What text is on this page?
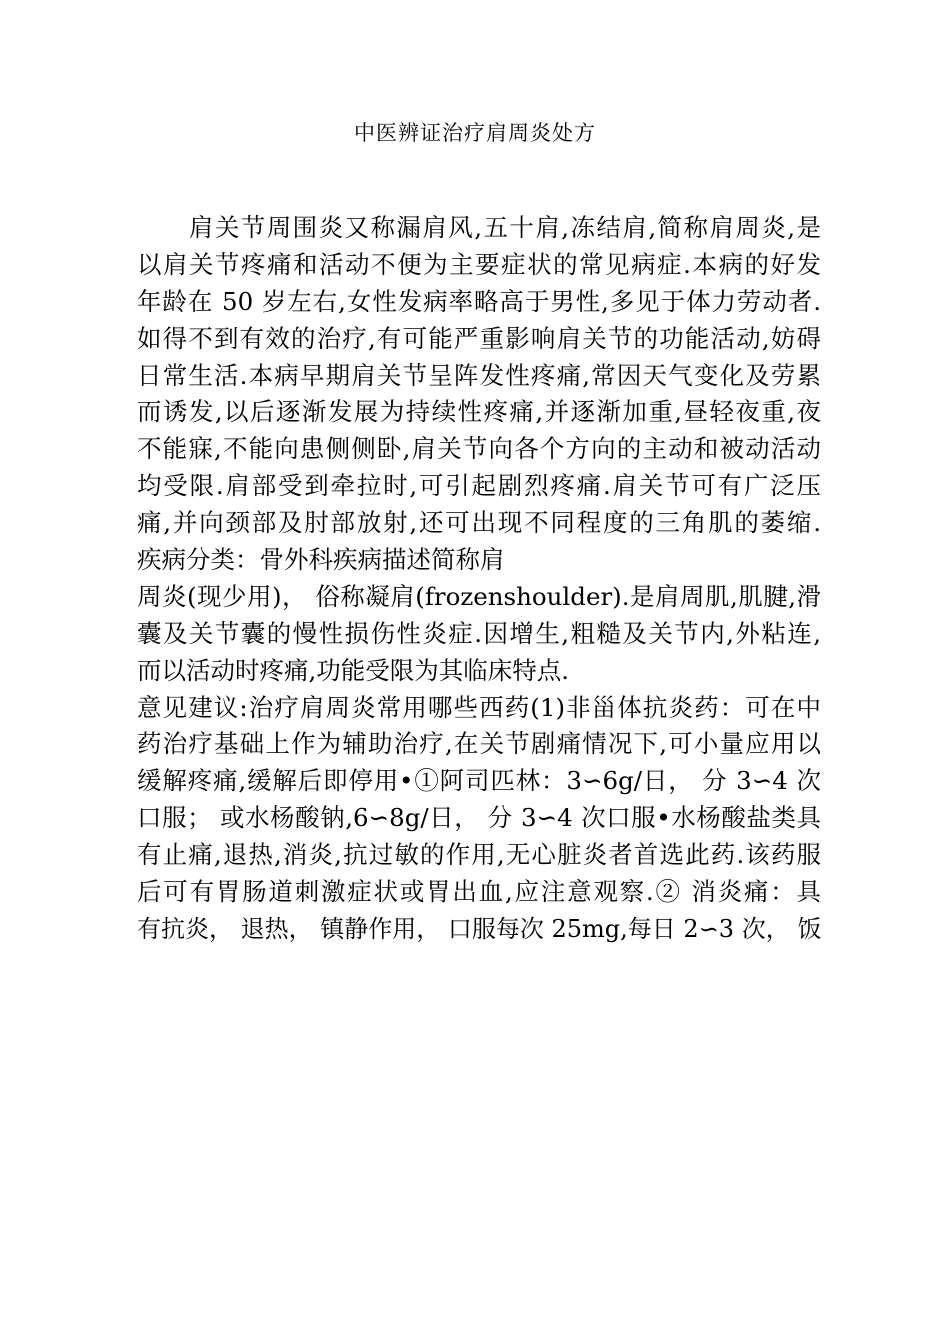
中医辨证治疗肩周炎处方
　　肩关节周围炎又称漏肩风,五十肩,冻结肩,简称肩周炎,是
以肩关节疼痛和活动不便为主要症状的常见病症.本病的好发
年龄在 50 岁左右,女性发病率略高于男性,多见于体力劳动者.
如得不到有效的治疗,有可能严重影响肩关节的功能活动,妨碍
日常生活.本病早期肩关节呈阵发性疼痛,常因天气变化及劳累
而诱发,以后逐渐发展为持续性疼痛,并逐渐加重,昼轻夜重,夜
不能寐,不能向患侧侧卧,肩关节向各个方向的主动和被动活动
均受限.肩部受到牵拉时,可引起剧烈疼痛.肩关节可有广泛压
痛,并向颈部及肘部放射,还可出现不同程度的三角肌的萎缩.
疾病分类：骨外科疾病描述简称肩
周炎(现少用)， 俗称凝肩(frozenshoulder).是肩周肌,肌腱,滑
囊及关节囊的慢性损伤性炎症.因增生,粗糙及关节内,外粘连,
而以活动时疼痛,功能受限为其临床特点.
意见建议:治疗肩周炎常用哪些西药(1)非甾体抗炎药：可在中
药治疗基础上作为辅助治疗,在关节剧痛情况下,可小量应用以
缓解疼痛,缓解后即停用•①阿司匹林：3∽6g/日， 分 3∽4 次
口服； 或水杨酸钠,6∽8g/日， 分 3∽4 次口服•水杨酸盐类具
有止痛,退热,消炎,抗过敏的作用,无心脏炎者首选此药.该药服
后可有胃肠道刺激症状或胃出血,应注意观察.② 消炎痛：具
有抗炎， 退热， 镇静作用， 口服每次 25mg,每日 2∽3 次， 饭
